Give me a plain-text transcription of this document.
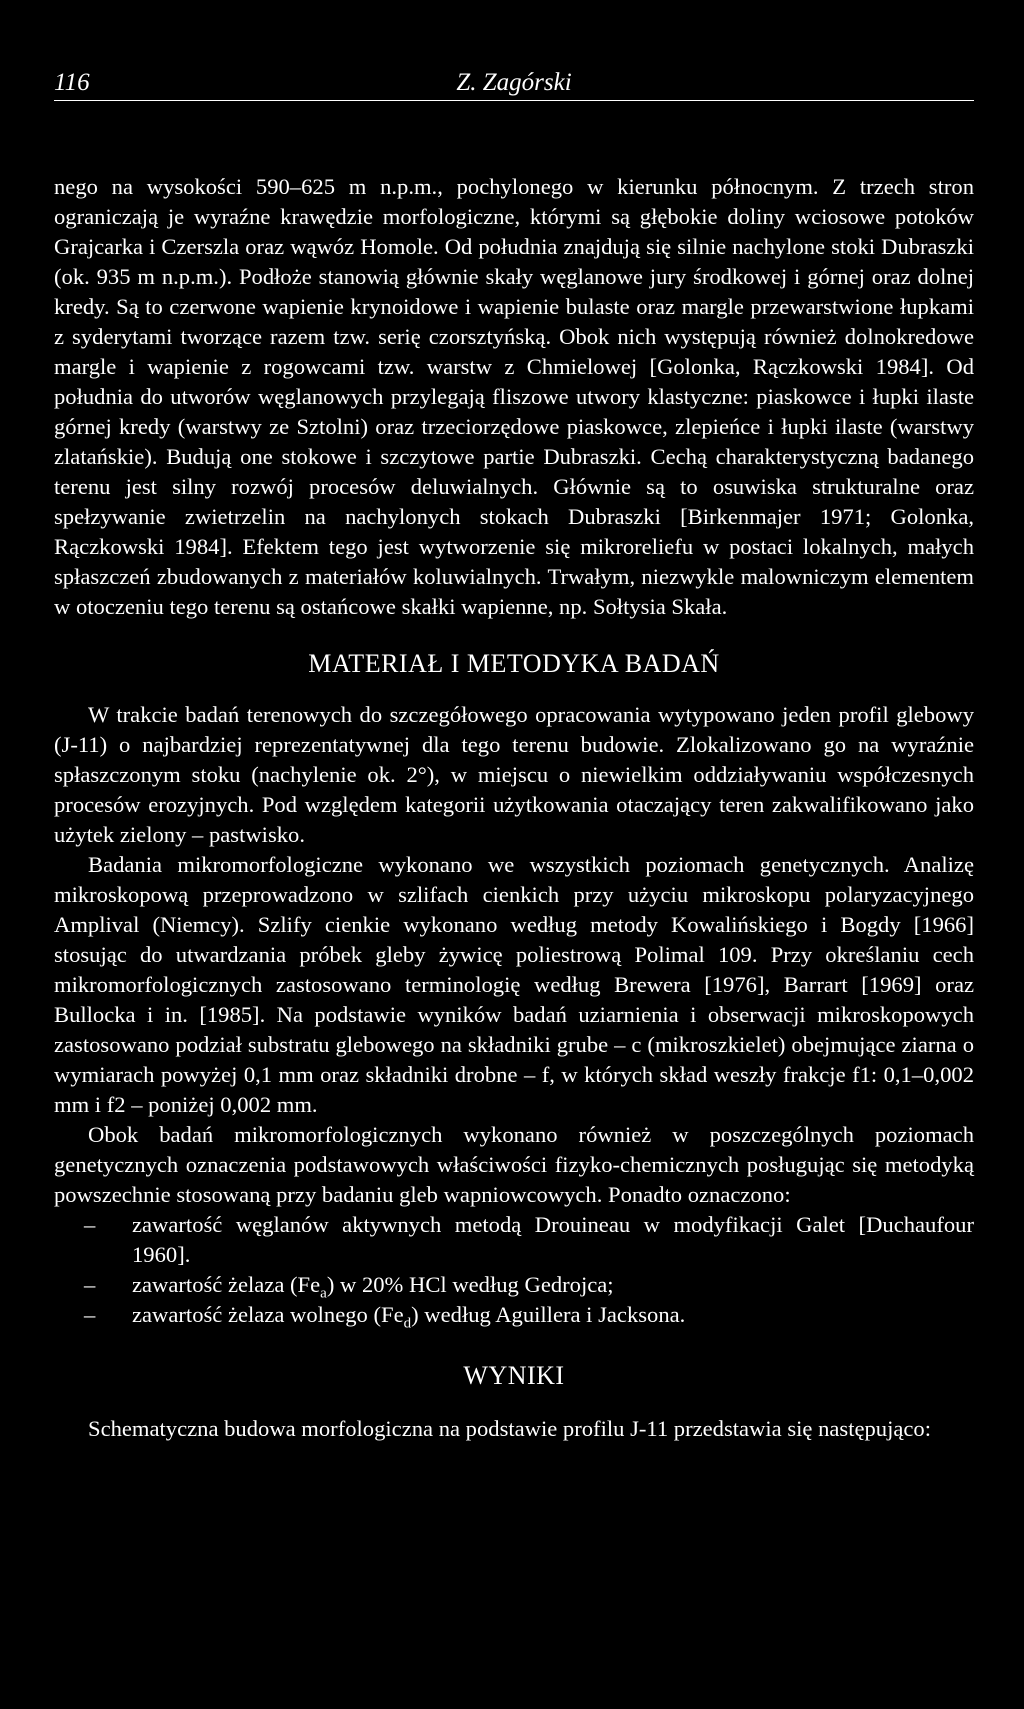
116	Z. Zagórski

nego na wysokości 590–625 m n.p.m., pochylonego w kierunku północnym. Z trzech stron ograniczają je wyraźne krawędzie morfologiczne, którymi są głębokie doliny wciosowe potoków Grajcarka i Czerszla oraz wąwóz Homole. Od południa znajdują się silnie nachylone stoki Dubraszki (ok. 935 m n.p.m.). Podłoże stanowią głównie skały węglanowe jury środkowej i górnej oraz dolnej kredy. Są to czerwone wapienie krynoidowe i wapienie bulaste oraz margle przewarstwione łupkami z syderytami tworzące razem tzw. serię czorsztyńską. Obok nich występują również dolnokredowe margle i wapienie z rogowcami tzw. warstw z Chmielowej [Golonka, Rączkowski 1984]. Od południa do utworów węglanowych przylegają fliszowe utwory klastyczne: piaskowce i łupki ilaste górnej kredy (warstwy ze Sztolni) oraz trzeciorzędowe piaskowce, zlepieńce i łupki ilaste (warstwy zlatańskie). Budują one stokowe i szczytowe partie Dubraszki. Cechą charakterystyczną badanego terenu jest silny rozwój procesów deluwialnych. Głównie są to osuwiska strukturalne oraz spełzywanie zwietrzelin na nachylonych stokach Dubraszki [Birkenmajer 1971; Golonka, Rączkowski 1984]. Efektem tego jest wytworzenie się mikroreliefu w postaci lokalnych, małych spłaszczeń zbudowanych z materiałów koluwialnych. Trwałym, niezwykle malowniczym elementem w otoczeniu tego terenu są ostańcowe skałki wapienne, np. Sołtysia Skała.

MATERIAŁ I METODYKA BADAŃ

W trakcie badań terenowych do szczegółowego opracowania wytypowano jeden profil glebowy (J-11) o najbardziej reprezentatywnej dla tego terenu budowie. Zlokalizowano go na wyraźnie spłaszczonym stoku (nachylenie ok. 2°), w miejscu o niewielkim oddziaływaniu współczesnych procesów erozyjnych. Pod względem kategorii użytkowania otaczający teren zakwalifikowano jako użytek zielony – pastwisko.

Badania mikromorfologiczne wykonano we wszystkich poziomach genetycznych. Analizę mikroskopową przeprowadzono w szlifach cienkich przy użyciu mikroskopu polaryzacyjnego Amplival (Niemcy). Szlify cienkie wykonano według metody Kowalińskiego i Bogdy [1966] stosując do utwardzania próbek gleby żywicę poliestrową Polimal 109. Przy określaniu cech mikromorfologicznych zastosowano terminologię według Brewera [1976], Barrart [1969] oraz Bullocka i in. [1985]. Na podstawie wyników badań uziarnienia i obserwacji mikroskopowych zastosowano podział substratu glebowego na składniki grube – c (mikroszkielet) obejmujące ziarna o wymiarach powyżej 0,1 mm oraz składniki drobne – f, w których skład weszły frakcje f1: 0,1–0,002 mm i f2 – poniżej 0,002 mm.

Obok badań mikromorfologicznych wykonano również w poszczególnych poziomach genetycznych oznaczenia podstawowych właściwości fizyko-chemicznych posługując się metodyką powszechnie stosowaną przy badaniu gleb wapniowcowych. Ponadto oznaczono:

– zawartość węglanów aktywnych metodą Drouineau w modyfikacji Galet [Duchaufour 1960].
– zawartość żelaza $(Fe_a)$ w 20% HCl według Gedrojca;
– zawartość żelaza wolnego $(Fe_d)$ według Aguillera i Jacksona.
WYNIKI

Schematyczna budowa morfologiczna na podstawie profilu J-11 przedstawia się następująco:
